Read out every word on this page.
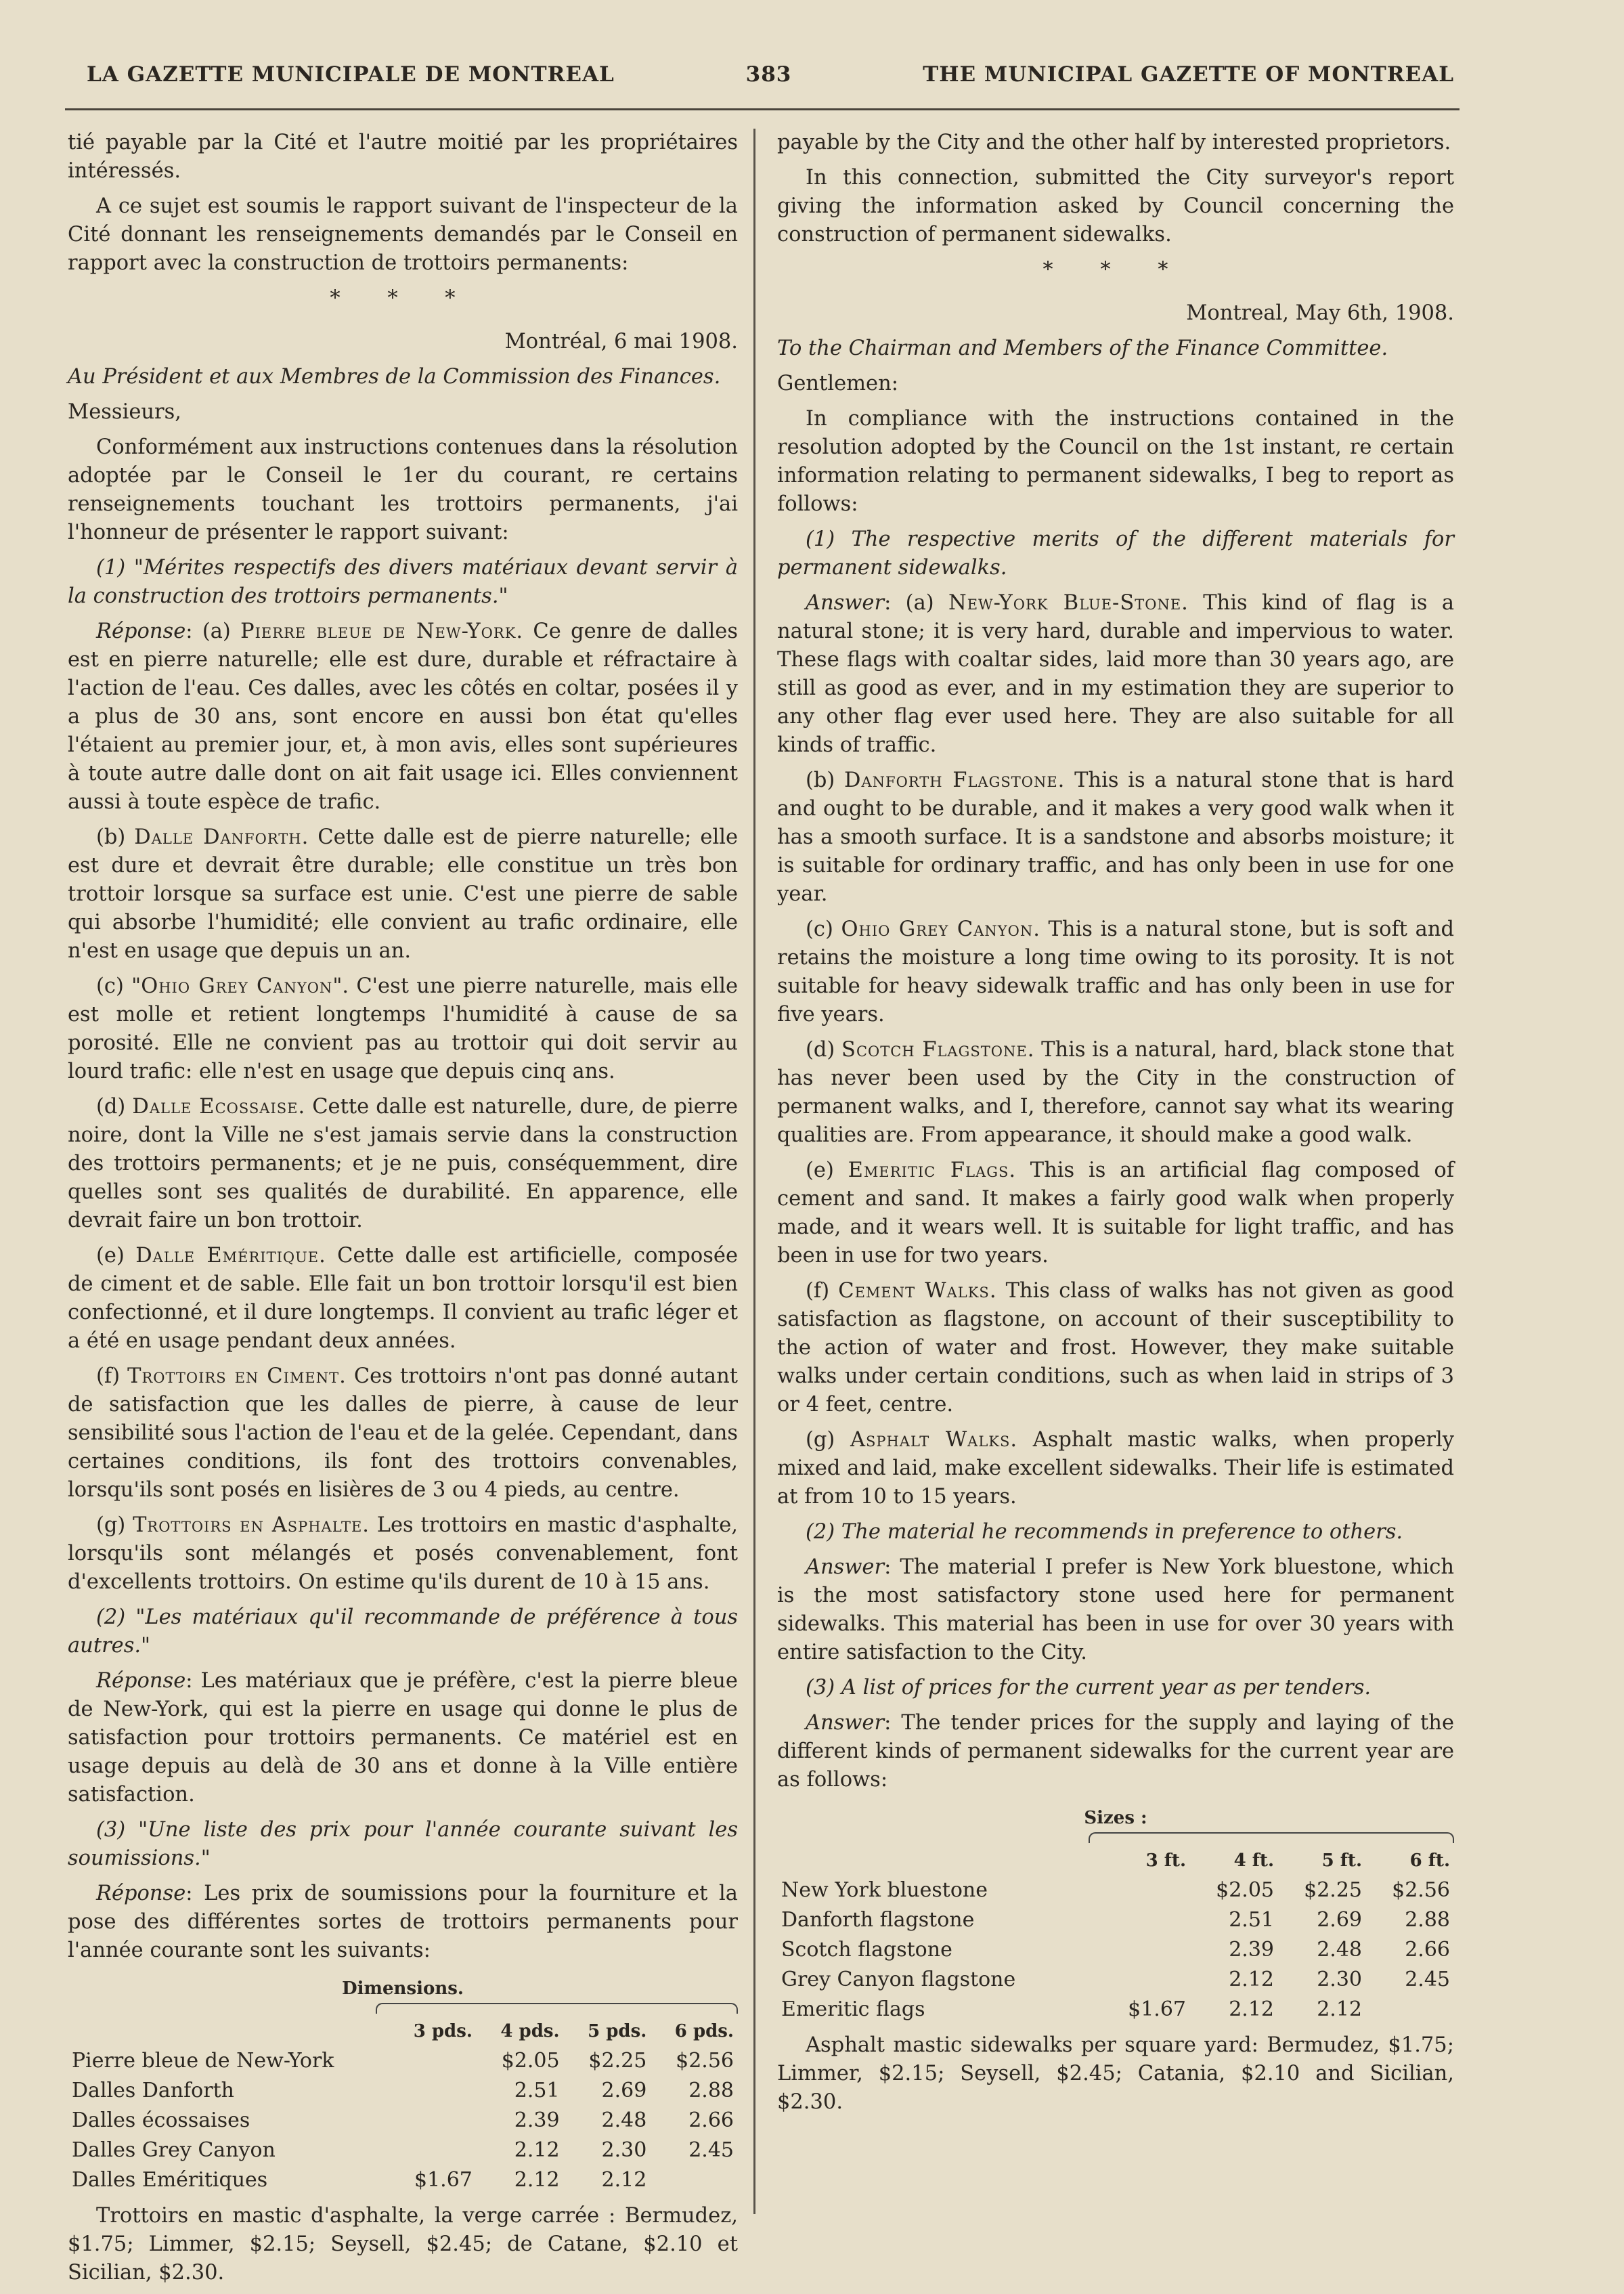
LA GAZETTE MUNICIPALE DE MONTREAL	383	THE MUNICIPAL GAZETTE OF MONTREAL

tié payable par la Cité et l'autre moitié par les propriétaires intéressés.

A ce sujet est soumis le rapport suivant de l'inspecteur de la Cité donnant les renseignements demandés par le Conseil en rapport avec la construction de trottoirs permanents:

* * *

Montréal, 6 mai 1908.

Au Président et aux Membres de la Commission des Finances.

Messieurs,

Conformément aux instructions contenues dans la résolution adoptée par le Conseil le 1er du courant, re certains renseignements touchant les trottoirs permanents, j'ai l'honneur de présenter le rapport suivant:

(1) "Mérites respectifs des divers matériaux devant servir à la construction des trottoirs permanents."

Réponse: (a) Pierre bleue de New-York. Ce genre de dalles est en pierre naturelle; elle est dure, durable et réfractaire à l'action de l'eau. Ces dalles, avec les côtés en coltar, posées il y a plus de 30 ans, sont encore en aussi bon état qu'elles l'étaient au premier jour, et, à mon avis, elles sont supérieures à toute autre dalle dont on ait fait usage ici. Elles conviennent aussi à toute espèce de trafic.

(b) Dalle Danforth. Cette dalle est de pierre naturelle; elle est dure et devrait être durable; elle constitue un très bon trottoir lorsque sa surface est unie. C'est une pierre de sable qui absorbe l'humidité; elle convient au trafic ordinaire, elle n'est en usage que depuis un an.

(c) "Ohio Grey Canyon". C'est une pierre naturelle, mais elle est molle et retient longtemps l'humidité à cause de sa porosité. Elle ne convient pas au trottoir qui doit servir au lourd trafic: elle n'est en usage que depuis cinq ans.

(d) Dalle Ecossaise. Cette dalle est naturelle, dure, de pierre noire, dont la Ville ne s'est jamais servie dans la construction des trottoirs permanents; et je ne puis, conséquemment, dire quelles sont ses qualités de durabilité. En apparence, elle devrait faire un bon trottoir.

(e) Dalle Eméritique. Cette dalle est artificielle, composée de ciment et de sable. Elle fait un bon trottoir lorsqu'il est bien confectionné, et il dure longtemps. Il convient au trafic léger et a été en usage pendant deux années.

(f) Trottoirs en Ciment. Ces trottoirs n'ont pas donné autant de satisfaction que les dalles de pierre, à cause de leur sensibilité sous l'action de l'eau et de la gelée. Cependant, dans certaines conditions, ils font des trottoirs convenables, lorsqu'ils sont posés en lisières de 3 ou 4 pieds, au centre.

(g) Trottoirs en Asphalte. Les trottoirs en mastic d'asphalte, lorsqu'ils sont mélangés et posés convenablement, font d'excellents trottoirs. On estime qu'ils durent de 10 à 15 ans.

(2) "Les matériaux qu'il recommande de préférence à tous autres."

Réponse: Les matériaux que je préfère, c'est la pierre bleue de New-York, qui est la pierre en usage qui donne le plus de satisfaction pour trottoirs permanents. Ce matériel est en usage depuis au delà de 30 ans et donne à la Ville entière satisfaction.

(3) "Une liste des prix pour l'année courante suivant les soumissions."

Réponse: Les prix de soumissions pour la fourniture et la pose des différentes sortes de trottoirs permanents pour l'année courante sont les suivants:

Dimensions.
	3 pds.	4 pds.	5 pds.	6 pds.
Pierre bleue de New-York		$2.05	$2.25	$2.56
Dalles Danforth		2.51	2.69	2.88
Dalles écossaises		2.39	2.48	2.66
Dalles Grey Canyon		2.12	2.30	2.45
Dalles Eméritiques	$1.67	2.12	2.12	

Trottoirs en mastic d'asphalte, la verge carrée : Bermudez, $1.75; Limmer, $2.15; Seysell, $2.45; de Catane, $2.10 et Sicilian, $2.30.

payable by the City and the other half by interested proprietors.

In this connection, submitted the City surveyor's report giving the information asked by Council concerning the construction of permanent sidewalks.

* * *

Montreal, May 6th, 1908.

To the Chairman and Members of the Finance Committee.

Gentlemen:

In compliance with the instructions contained in the resolution adopted by the Council on the 1st instant, re certain information relating to permanent sidewalks, I beg to report as follows:

(1) The respective merits of the different materials for permanent sidewalks.

Answer: (a) New-York Blue-Stone. This kind of flag is a natural stone; it is very hard, durable and impervious to water. These flags with coaltar sides, laid more than 30 years ago, are still as good as ever, and in my estimation they are superior to any other flag ever used here. They are also suitable for all kinds of traffic.

(b) Danforth Flagstone. This is a natural stone that is hard and ought to be durable, and it makes a very good walk when it has a smooth surface. It is a sandstone and absorbs moisture; it is suitable for ordinary traffic, and has only been in use for one year.

(c) Ohio Grey Canyon. This is a natural stone, but is soft and retains the moisture a long time owing to its porosity. It is not suitable for heavy sidewalk traffic and has only been in use for five years.

(d) Scotch Flagstone. This is a natural, hard, black stone that has never been used by the City in the construction of permanent walks, and I, therefore, cannot say what its wearing qualities are. From appearance, it should make a good walk.

(e) Emeritic Flags. This is an artificial flag composed of cement and sand. It makes a fairly good walk when properly made, and it wears well. It is suitable for light traffic, and has been in use for two years.

(f) Cement Walks. This class of walks has not given as good satisfaction as flagstone, on account of their susceptibility to the action of water and frost. However, they make suitable walks under certain conditions, such as when laid in strips of 3 or 4 feet, centre.

(g) Asphalt Walks. Asphalt mastic walks, when properly mixed and laid, make excellent sidewalks. Their life is estimated at from 10 to 15 years.

(2) The material he recommends in preference to others.

Answer: The material I prefer is New York bluestone, which is the most satisfactory stone used here for permanent sidewalks. This material has been in use for over 30 years with entire satisfaction to the City.

(3) A list of prices for the current year as per tenders.

Answer: The tender prices for the supply and laying of the different kinds of permanent sidewalks for the current year are as follows:

Sizes :
	3 ft.	4 ft.	5 ft.	6 ft.
New York bluestone		$2.05	$2.25	$2.56
Danforth flagstone		2.51	2.69	2.88
Scotch flagstone		2.39	2.48	2.66
Grey Canyon flagstone		2.12	2.30	2.45
Emeritic flags	$1.67	2.12	2.12	

Asphalt mastic sidewalks per square yard: Bermudez, $1.75; Limmer, $2.15; Seysell, $2.45; Catania, $2.10 and Sicilian, $2.30.
